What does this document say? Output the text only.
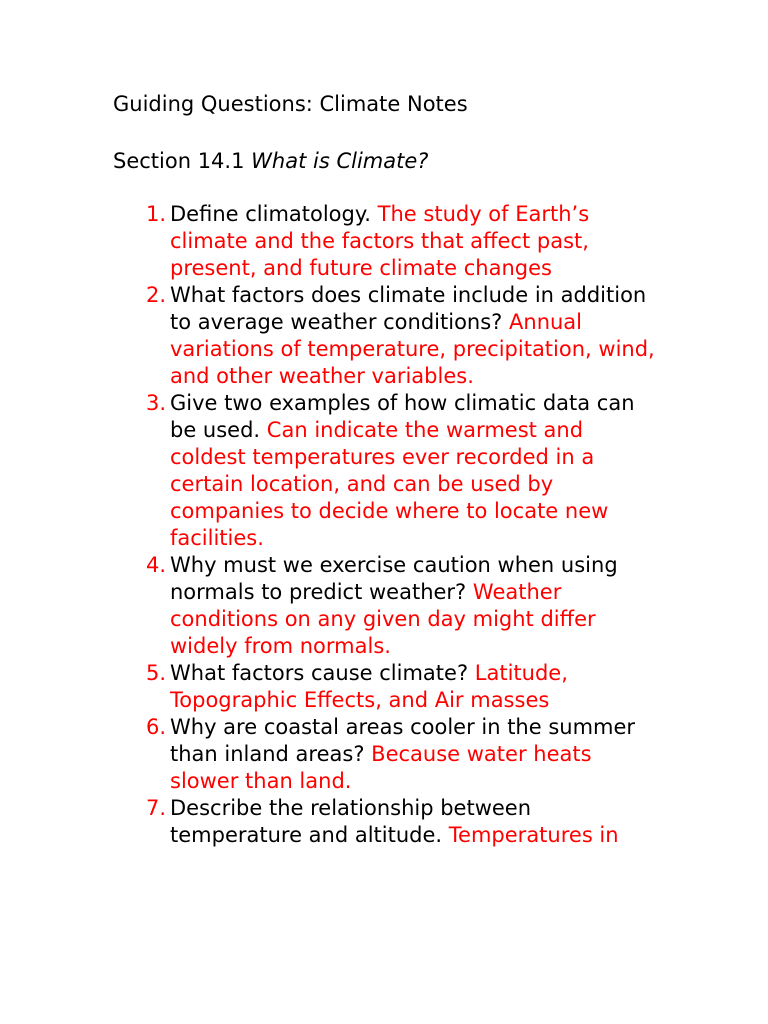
Guiding Questions: Climate Notes
Section 14.1 What is Climate?
1. Define climatology. The study of Earth’s climate and the factors that affect past, present, and future climate changes
2. What factors does climate include in addition to average weather conditions? Annual variations of temperature, precipitation, wind, and other weather variables.
3. Give two examples of how climatic data can be used. Can indicate the warmest and coldest temperatures ever recorded in a certain location, and can be used by companies to decide where to locate new facilities.
4. Why must we exercise caution when using normals to predict weather? Weather conditions on any given day might differ widely from normals.
5. What factors cause climate? Latitude, Topographic Effects, and Air masses
6. Why are coastal areas cooler in the summer than inland areas? Because water heats slower than land.
7. Describe the relationship between temperature and altitude. Temperatures in
